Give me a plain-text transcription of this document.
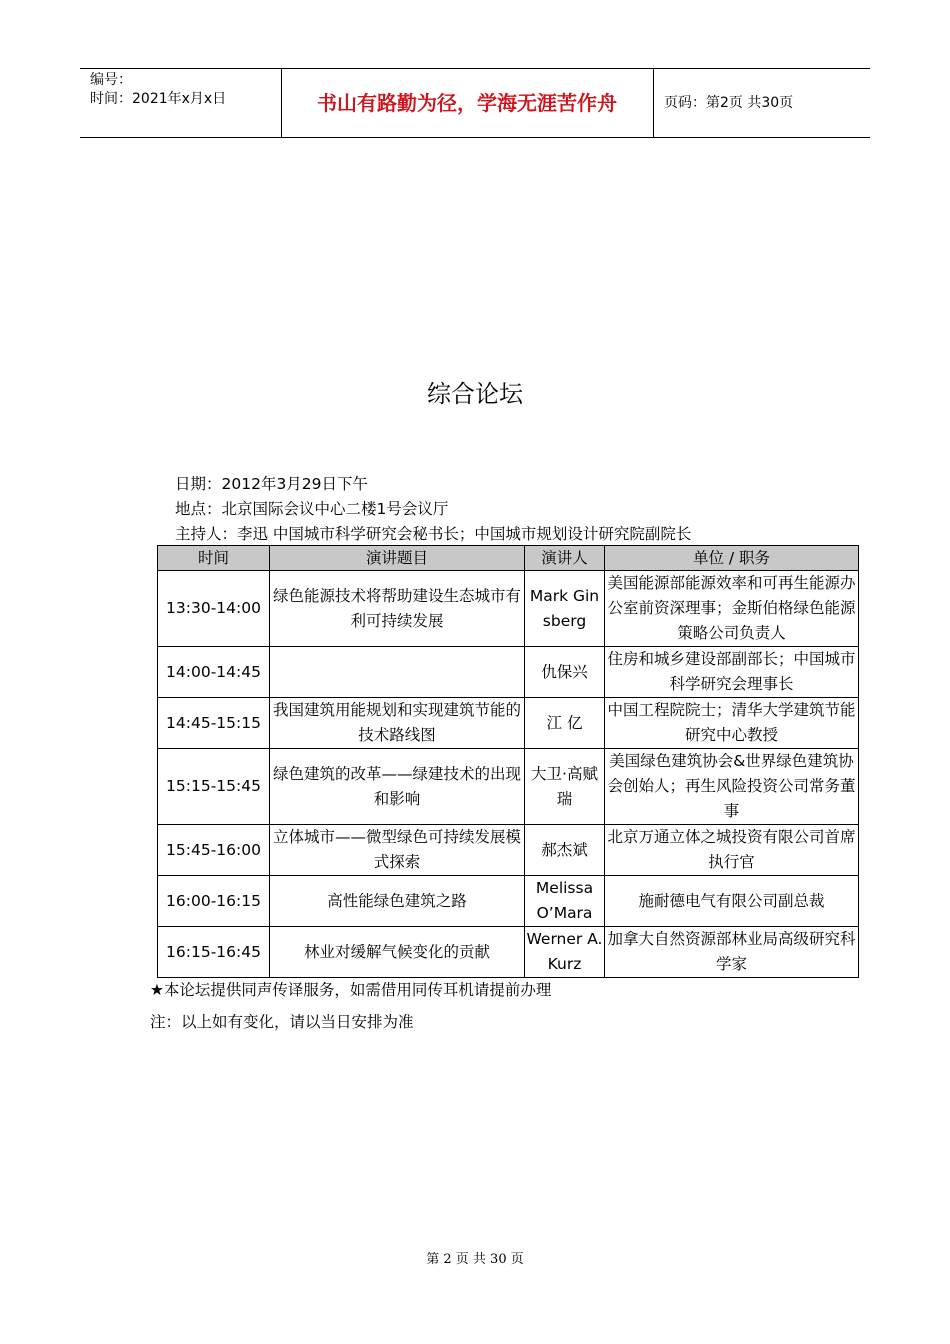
编号：
时间：2021年x月x日	书山有路勤为径，学海无涯苦作舟	页码：第2页 共30页
综合论坛
日期：2012年3月29日下午
地点：北京国际会议中心二楼1号会议厅
主持人：李迅 中国城市科学研究会秘书长；中国城市规划设计研究院副院长
时间	演讲题目	演讲人	单位 / 职务
13:30-14:00	绿色能源技术将帮助建设生态城市有利可持续发展	Mark Ginsberg	美国能源部能源效率和可再生能源办公室前资深理事；金斯伯格绿色能源策略公司负责人
14:00-14:45		仇保兴	住房和城乡建设部副部长；中国城市科学研究会理事长
14:45-15:15	我国建筑用能规划和实现建筑节能的技术路线图	江 亿	中国工程院院士；清华大学建筑节能研究中心教授
15:15-15:45	绿色建筑的改革——绿建技术的出现和影响	大卫·高赋瑞	美国绿色建筑协会&世界绿色建筑协会创始人；再生风险投资公司常务董事
15:45-16:00	立体城市——微型绿色可持续发展模式探索	郝杰斌	北京万通立体之城投资有限公司首席执行官
16:00-16:15	高性能绿色建筑之路	Melissa O’Mara	施耐德电气有限公司副总裁
16:15-16:45	林业对缓解气候变化的贡献	Werner A. Kurz	加拿大自然资源部林业局高级研究科学家
★本论坛提供同声传译服务，如需借用同传耳机请提前办理
注：以上如有变化，请以当日安排为准
第 2 页 共 30 页
